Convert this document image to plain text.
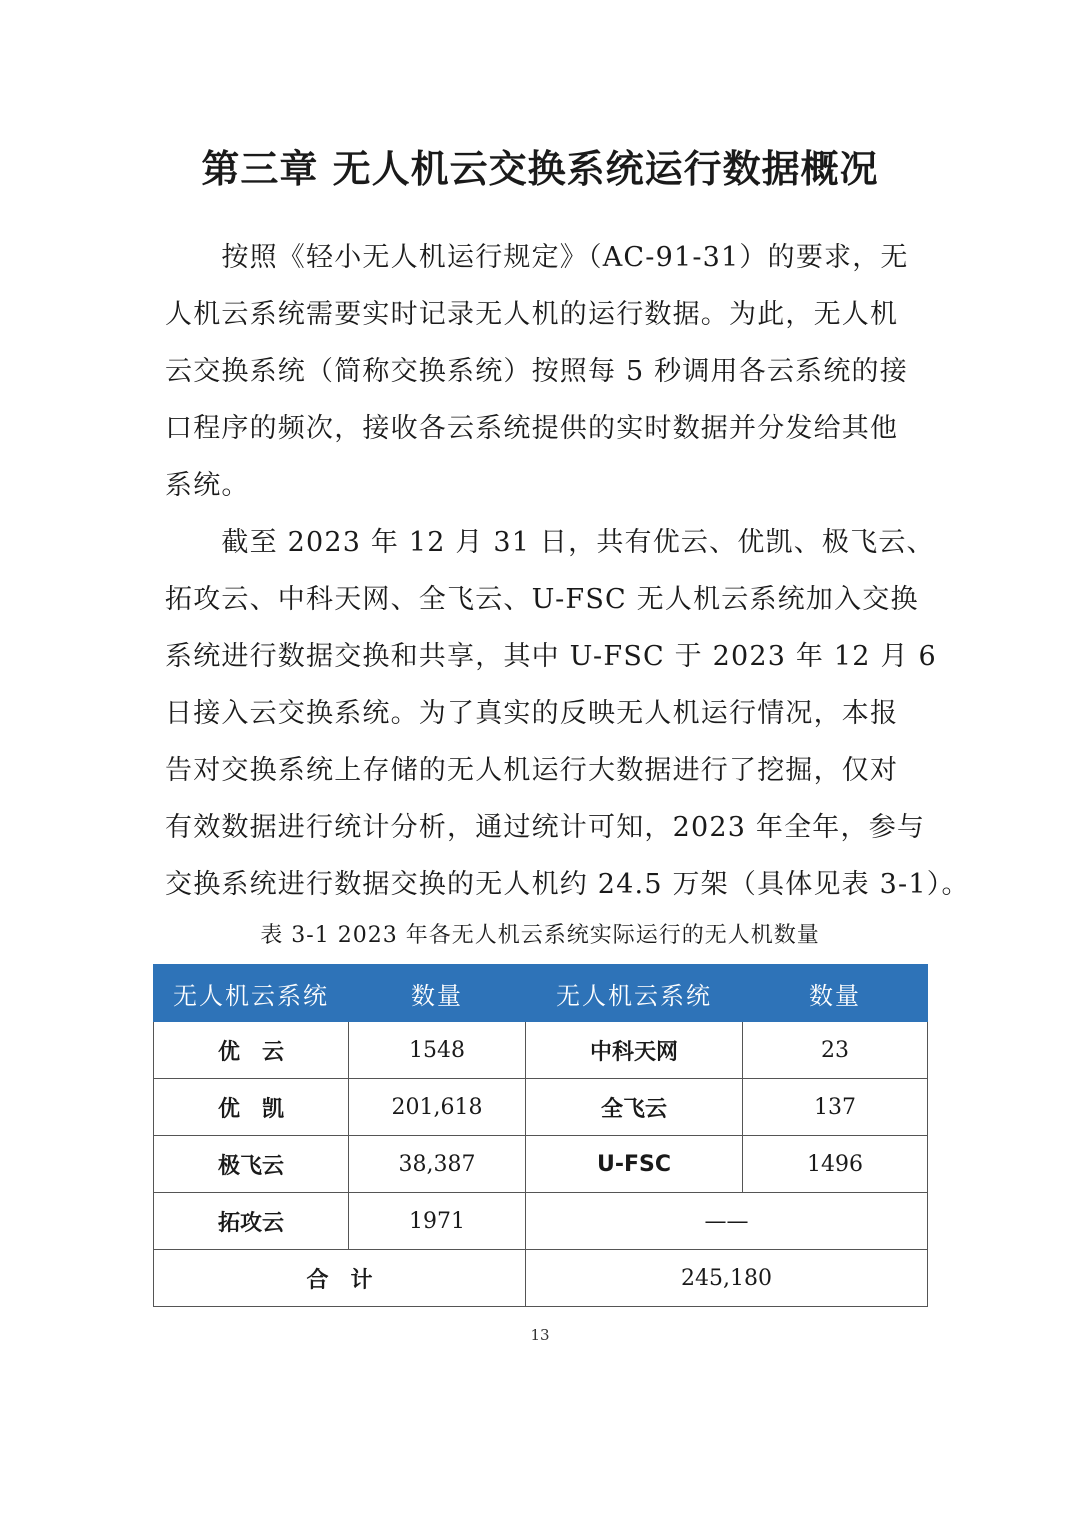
第三章 无人机云交换系统运行数据概况
　　按照《轻小无人机运行规定》（AC-91-31）的要求，无
人机云系统需要实时记录无人机的运行数据。为此，无人机
云交换系统（简称交换系统）按照每 5 秒调用各云系统的接
口程序的频次，接收各云系统提供的实时数据并分发给其他
系统。
　　截至 2023 年 12 月 31 日，共有优云、优凯、极飞云、
拓攻云、中科天网、全飞云、U-FSC 无人机云系统加入交换
系统进行数据交换和共享，其中 U-FSC 于 2023 年 12 月 6
日接入云交换系统。为了真实的反映无人机运行情况，本报
告对交换系统上存储的无人机运行大数据进行了挖掘，仅对
有效数据进行统计分析，通过统计可知，2023 年全年，参与
交换系统进行数据交换的无人机约 24.5 万架（具体见表 3-1）。
表 3-1 2023 年各无人机云系统实际运行的无人机数量
无人机云系统	数量	无人机云系统	数量
优　云	1548	中科天网	23
优　凯	201,618	全飞云	137
极飞云	38,387	U-FSC	1496
拓攻云	1971	——	
合　计		245,180	
13
